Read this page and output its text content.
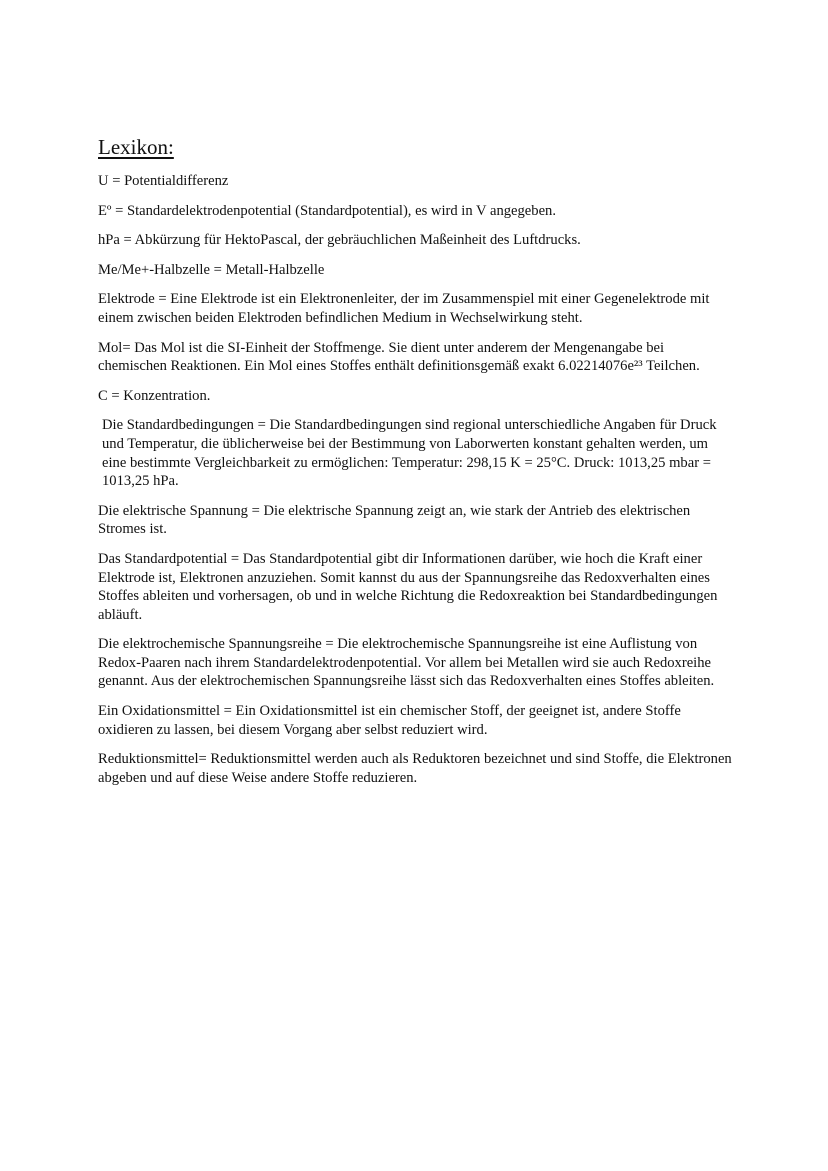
Lexikon:

U = Potentialdifferenz

Eº = Standardelektrodenpotential (Standardpotential), es wird in V angegeben.

hPa = Abkürzung für HektoPascal, der gebräuchlichen Maßeinheit des Luftdrucks.

Me/Me+-Halbzelle = Metall-Halbzelle

Elektrode = Eine Elektrode ist ein Elektronenleiter, der im Zusammenspiel mit einer Gegenelektrode mit einem zwischen beiden Elektroden befindlichen Medium in Wechselwirkung steht.

Mol= Das Mol ist die SI-Einheit der Stoffmenge. Sie dient unter anderem der Mengenangabe bei chemischen Reaktionen. Ein Mol eines Stoffes enthält definitionsgemäß exakt 6.02214076e²³ Teilchen.

C = Konzentration.

Die Standardbedingungen = Die Standardbedingungen sind regional unterschiedliche Angaben für Druck und Temperatur, die üblicherweise bei der Bestimmung von Laborwerten konstant gehalten werden, um eine bestimmte Vergleichbarkeit zu ermöglichen: Temperatur: 298,15 K = 25°C. Druck: 1013,25 mbar = 1013,25 hPa.

Die elektrische Spannung = Die elektrische Spannung zeigt an, wie stark der Antrieb des elektrischen Stromes ist.

Das Standardpotential = Das Standardpotential gibt dir Informationen darüber, wie hoch die Kraft einer Elektrode ist, Elektronen anzuziehen. Somit kannst du aus der Spannungsreihe das Redoxverhalten eines Stoffes ableiten und vorhersagen, ob und in welche Richtung die Redoxreaktion bei Standardbedingungen abläuft.

Die elektrochemische Spannungsreihe = Die elektrochemische Spannungsreihe ist eine Auflistung von Redox-Paaren nach ihrem Standardelektrodenpotential. Vor allem bei Metallen wird sie auch Redoxreihe genannt. Aus der elektrochemischen Spannungsreihe lässt sich das Redoxverhalten eines Stoffes ableiten.

Ein Oxidationsmittel = Ein Oxidationsmittel ist ein chemischer Stoff, der geeignet ist, andere Stoffe oxidieren zu lassen, bei diesem Vorgang aber selbst reduziert wird.

Reduktionsmittel= Reduktionsmittel werden auch als Reduktoren bezeichnet und sind Stoffe, die Elektronen abgeben und auf diese Weise andere Stoffe reduzieren.
